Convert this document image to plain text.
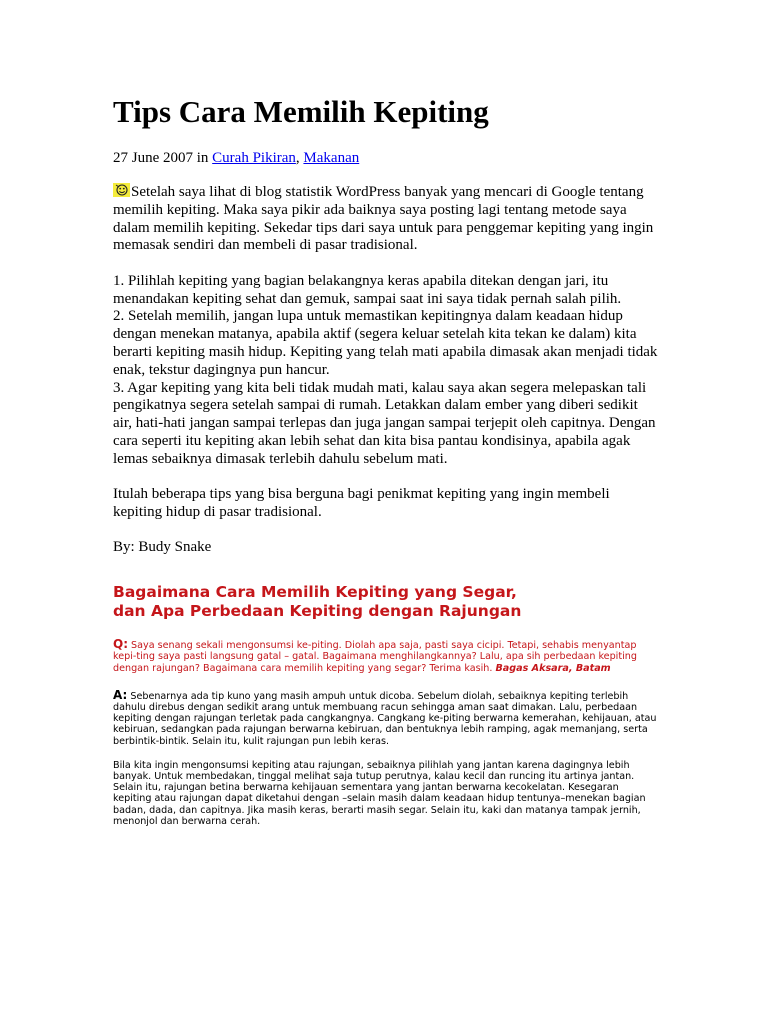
Tips Cara Memilih Kepiting
27 June 2007 in Curah Pikiran, Makanan

Setelah saya lihat di blog statistik WordPress banyak yang mencari di Google tentang memilih kepiting. Maka saya pikir ada baiknya saya posting lagi tentang metode saya dalam memilih kepiting. Sekedar tips dari saya untuk para penggemar kepiting yang ingin memasak sendiri dan membeli di pasar tradisional.

1. Pilihlah kepiting yang bagian belakangnya keras apabila ditekan dengan jari, itu menandakan kepiting sehat dan gemuk, sampai saat ini saya tidak pernah salah pilih.

2. Setelah memilih, jangan lupa untuk memastikan kepitingnya dalam keadaan hidup dengan menekan matanya, apabila aktif (segera keluar setelah kita tekan ke dalam) kita berarti kepiting masih hidup. Kepiting yang telah mati apabila dimasak akan menjadi tidak enak, tekstur dagingnya pun hancur.

3. Agar kepiting yang kita beli tidak mudah mati, kalau saya akan segera melepaskan tali pengikatnya segera setelah sampai di rumah. Letakkan dalam ember yang diberi sedikit air, hati-hati jangan sampai terlepas dan juga jangan sampai terjepit oleh capitnya. Dengan cara seperti itu kepiting akan lebih sehat dan kita bisa pantau kondisinya, apabila agak lemas sebaiknya dimasak terlebih dahulu sebelum mati.

Itulah beberapa tips yang bisa berguna bagi penikmat kepiting yang ingin membeli kepiting hidup di pasar tradisional.

By: Budy Snake

Bagaimana Cara Memilih Kepiting yang Segar,
dan Apa Perbedaan Kepiting dengan Rajungan
Q: Saya senang sekali mengonsumsi ke-piting. Diolah apa saja, pasti saya cicipi. Tetapi, sehabis menyantap kepi-ting saya pasti langsung gatal – gatal. Bagaimana menghilangkannya? Lalu, apa sih perbedaan kepiting dengan rajungan? Bagaimana cara memilih kepiting yang segar? Terima kasih. Bagas Aksara, Batam
A: Sebenarnya ada tip kuno yang masih ampuh untuk dicoba. Sebelum diolah, sebaiknya kepiting terlebih dahulu direbus dengan sedikit arang untuk membuang racun sehingga aman saat dimakan. Lalu, perbedaan kepiting dengan rajungan terletak pada cangkangnya. Cangkang ke-piting berwarna kemerahan, kehijauan, atau kebiruan, sedangkan pada rajungan berwarna kebiruan, dan bentuknya lebih ramping, agak memanjang, serta berbintik-bintik. Selain itu, kulit rajungan pun lebih keras.
Bila kita ingin mengonsumsi kepiting atau rajungan, sebaiknya pilihlah yang jantan karena dagingnya lebih banyak. Untuk membedakan, tinggal melihat saja tutup perutnya, kalau kecil dan runcing itu artinya jantan. Selain itu, rajungan betina berwarna kehijauan sementara yang jantan berwarna kecokelatan. Kesegaran kepiting atau rajungan dapat diketahui dengan –selain masih dalam keadaan hidup tentunya–menekan bagian badan, dada, dan capitnya. Jika masih keras, berarti masih segar. Selain itu, kaki dan matanya tampak jernih, menonjol dan berwarna cerah.
